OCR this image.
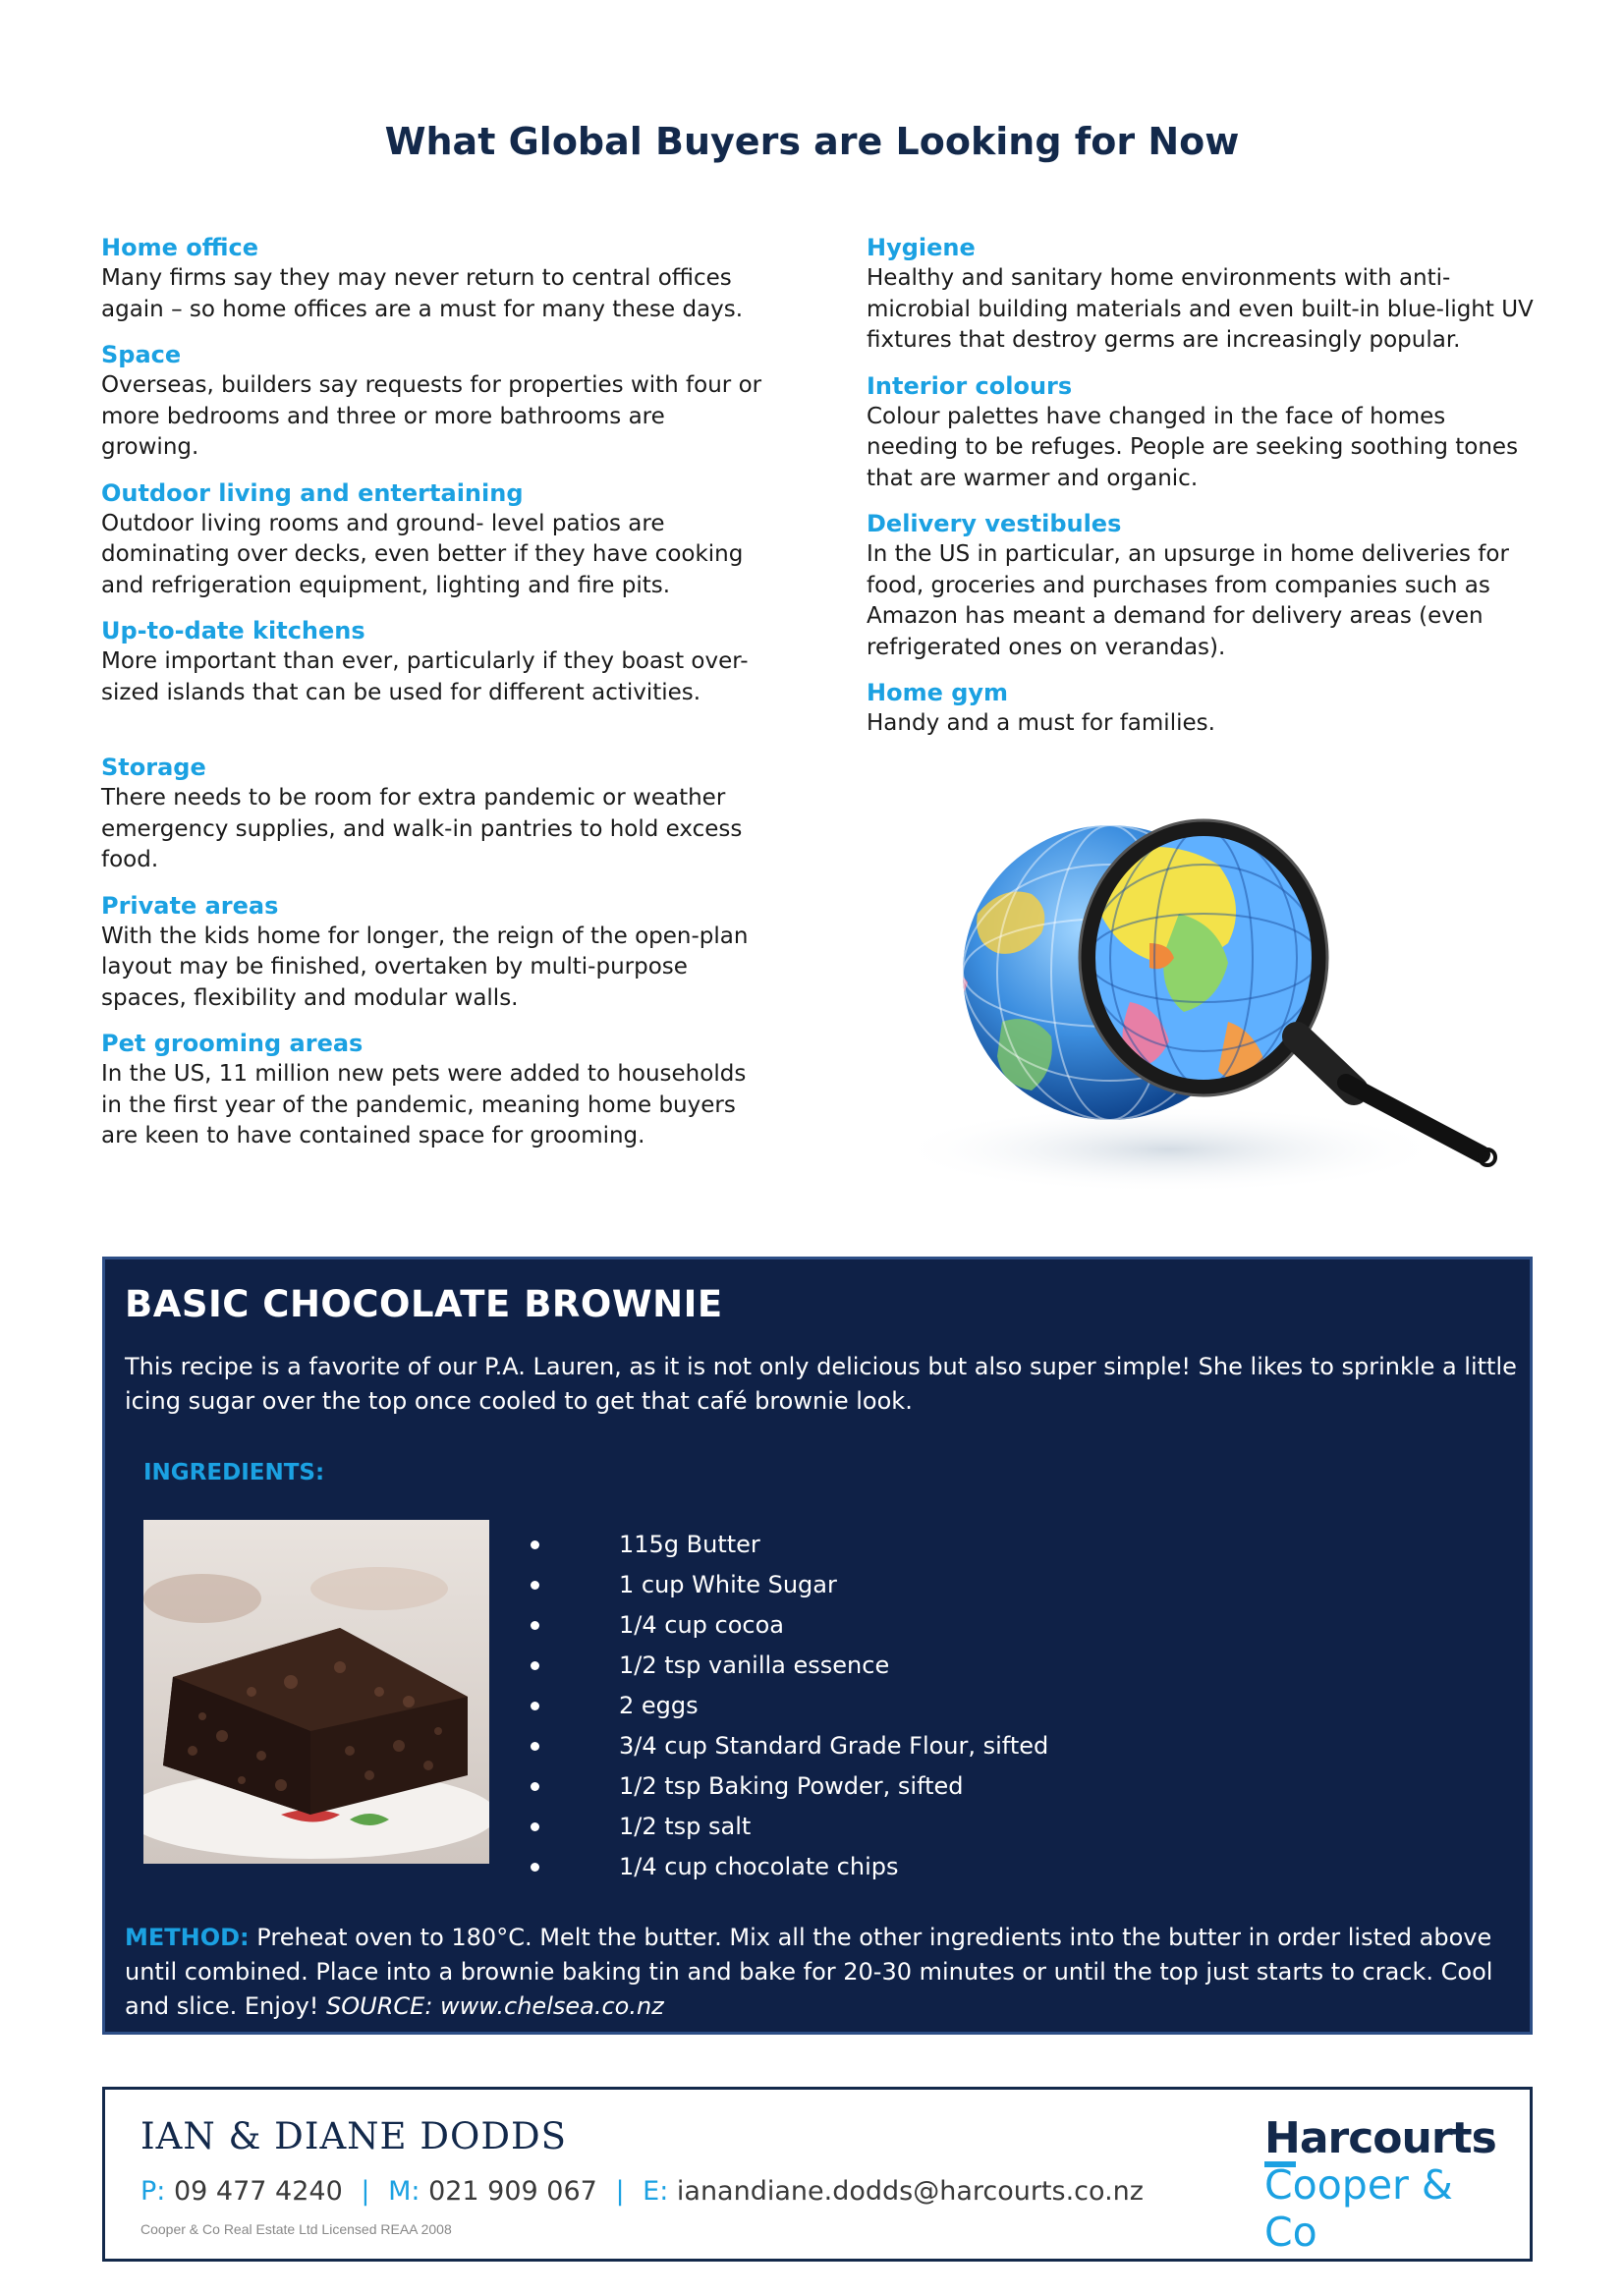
What Global Buyers are Looking for Now
Home office

Many firms say they may never return to central offices again – so home offices are a must for many these days.

Space

Overseas, builders say requests for properties with four or more bedrooms and three or more bathrooms are growing.

Outdoor living and entertaining

Outdoor living rooms and ground- level patios are dominating over decks, even better if they have cooking and refrigeration equipment, lighting and fire pits.

Up-to-date kitchens

More important than ever, particularly if they boast over-sized islands that can be used for different activities.

Storage

There needs to be room for extra pandemic or weather emergency supplies, and walk-in pantries to hold excess food.

Private areas

With the kids home for longer, the reign of the open-plan layout may be finished, overtaken by multi-purpose spaces, flexibility and modular walls.

Pet grooming areas

In the US, 11 million new pets were added to households in the first year of the pandemic, meaning home buyers are keen to have contained space for grooming.

Hygiene

Healthy and sanitary home environments with anti-microbial building materials and even built-in blue-light UV fixtures that destroy germs are increasingly popular.

Interior colours

Colour palettes have changed in the face of homes needing to be refuges. People are seeking soothing tones that are warmer and organic.

Delivery vestibules

In the US in particular, an upsurge in home deliveries for food, groceries and purchases from companies such as Amazon has meant a demand for delivery areas (even refrigerated ones on verandas).

Home gym

Handy and a must for families.

BASIC CHOCOLATE BROWNIE
This recipe is a favorite of our P.A. Lauren, as it is not only delicious but also super simple! She likes to sprinkle a little icing sugar over the top once cooled to get that café brownie look.
INGREDIENTS:
115g Butter
1 cup White Sugar
1/4 cup cocoa
1/2 tsp vanilla essence
2 eggs
3/4 cup Standard Grade Flour, sifted
1/2 tsp Baking Powder, sifted
1/2 tsp salt
1/4 cup chocolate chips
METHOD: Preheat oven to 180°C. Melt the butter. Mix all the other ingredients into the butter in order listed above until combined. Place into a brownie baking tin and bake for 20-30 minutes or until the top just starts to crack. Cool and slice. Enjoy! SOURCE: www.chelsea.co.nz
IAN & DIANE DODDS
P: 09 477 4240 | M: 021 909 067 | E: ianandiane.dodds@harcourts.co.nz
Cooper & Co Real Estate Ltd Licensed REAA 2008
Harcourts
Cooper & Co
